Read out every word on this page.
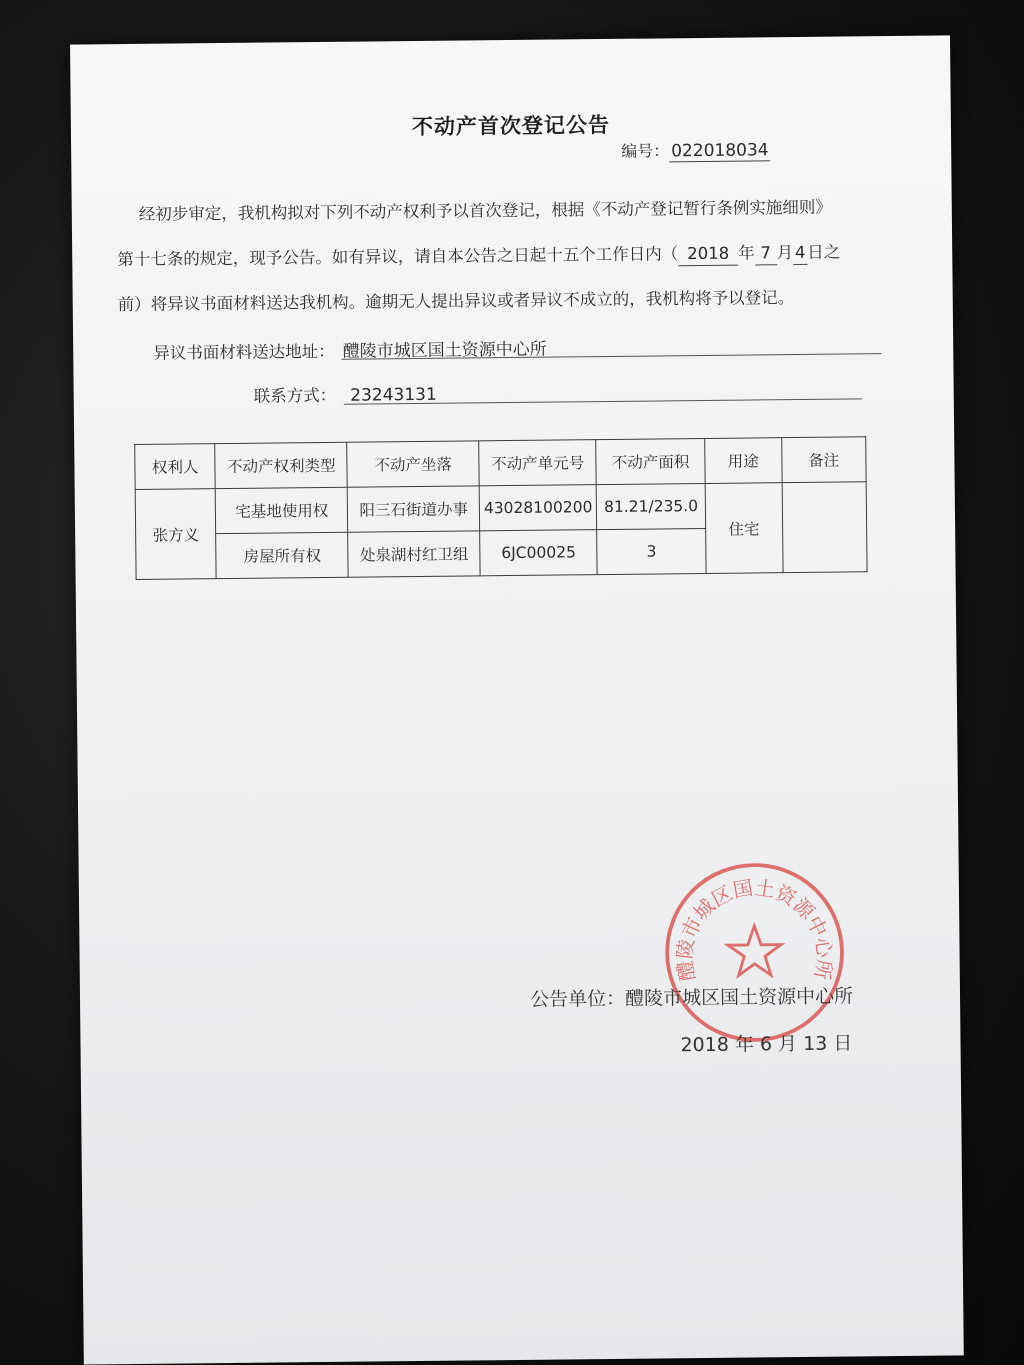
不动产首次登记公告
编号： 022018034
经初步审定，我机构拟对下列不动产权利予以首次登记，根据《不动产登记暂行条例实施细则》
第十七条的规定，现予公告。如有异议，请自本公告之日起十五个工作日内（ 2018 年 7 月4日之
前）将异议书面材料送达我机构。逾期无人提出异议或者异议不成立的，我机构将予以登记。
异议书面材料送达地址： 醴陵市城区国土资源中心所
联系方式： 23243131
权利人	不动产权利类型	不动产坐落	不动产单元号	不动产面积	用途	备注
张方义	宅基地使用权	阳三石街道办事	43028100200	81.21/235.0	住宅	
	房屋所有权	处泉湖村红卫组	6JC00025	3		
醴陵市城区国土资源中心所
公告单位：醴陵市城区国土资源中心所
2018 年 6 月 13 日
